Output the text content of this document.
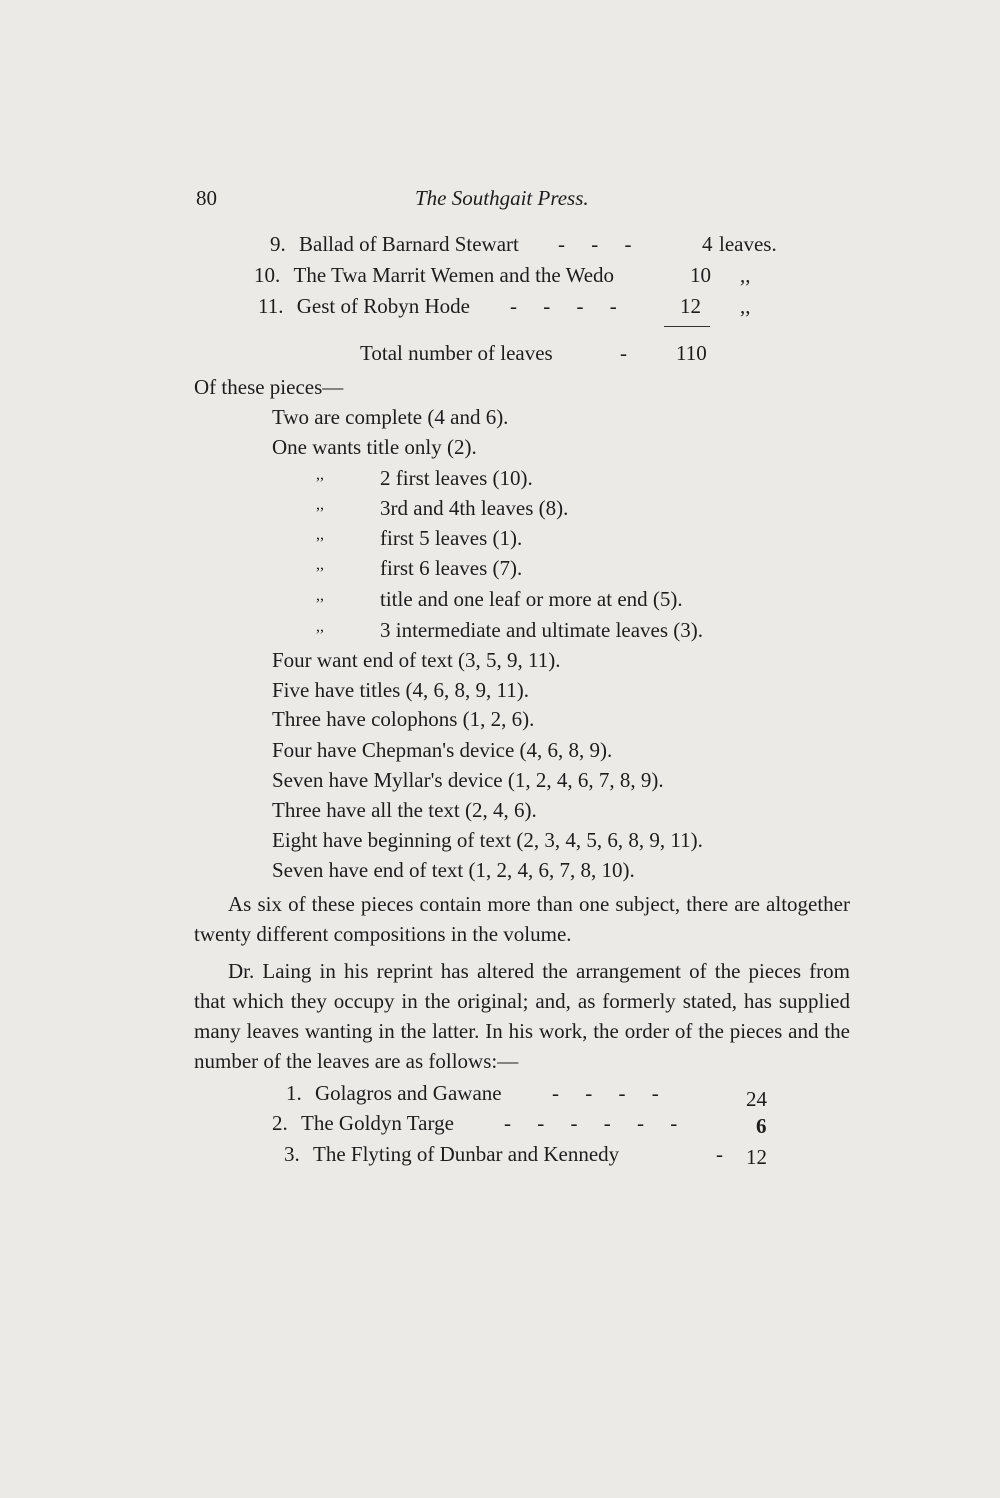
80	The Southgait Press.
9. Ballad of Barnard Stewart -     -     -	4 leaves.
10. The Twa Marrit Wemen and the Wedo	10 ,,
11. Gest of Robyn Hode -     -     -     -	12 ,,
Total number of leaves	- 110
Of these pieces—
Two are complete (4 and 6).
One wants title only (2).
,,	2 first leaves (10).
,,	3rd and 4th leaves (8).
,,	first 5 leaves (1).
,,	first 6 leaves (7).
,,	title and one leaf or more at end (5).
,,	3 intermediate and ultimate leaves (3).
Four want end of text (3, 5, 9, 11).
Five have titles (4, 6, 8, 9, 11).
Three have colophons (1, 2, 6).
Four have Chepman's device (4, 6, 8, 9).
Seven have Myllar's device (1, 2, 4, 6, 7, 8, 9).
Three have all the text (2, 4, 6).
Eight have beginning of text (2, 3, 4, 5, 6, 8, 9, 11).
Seven have end of text (1, 2, 4, 6, 7, 8, 10).
As six of these pieces contain more than one subject, there are altogether twenty different compositions in the volume.
Dr. Laing in his reprint has altered the arrangement of the pieces from that which they occupy in the original; and, as formerly stated, has supplied many leaves wanting in the latter. In his work, the order of the pieces and the number of the leaves are as follows:—
1. Golagros and Gawane -     -     -     -	24
2. The Goldyn Targe -     -     -     -     -     -	6
3. The Flyting of Dunbar and Kennedy	- 12
